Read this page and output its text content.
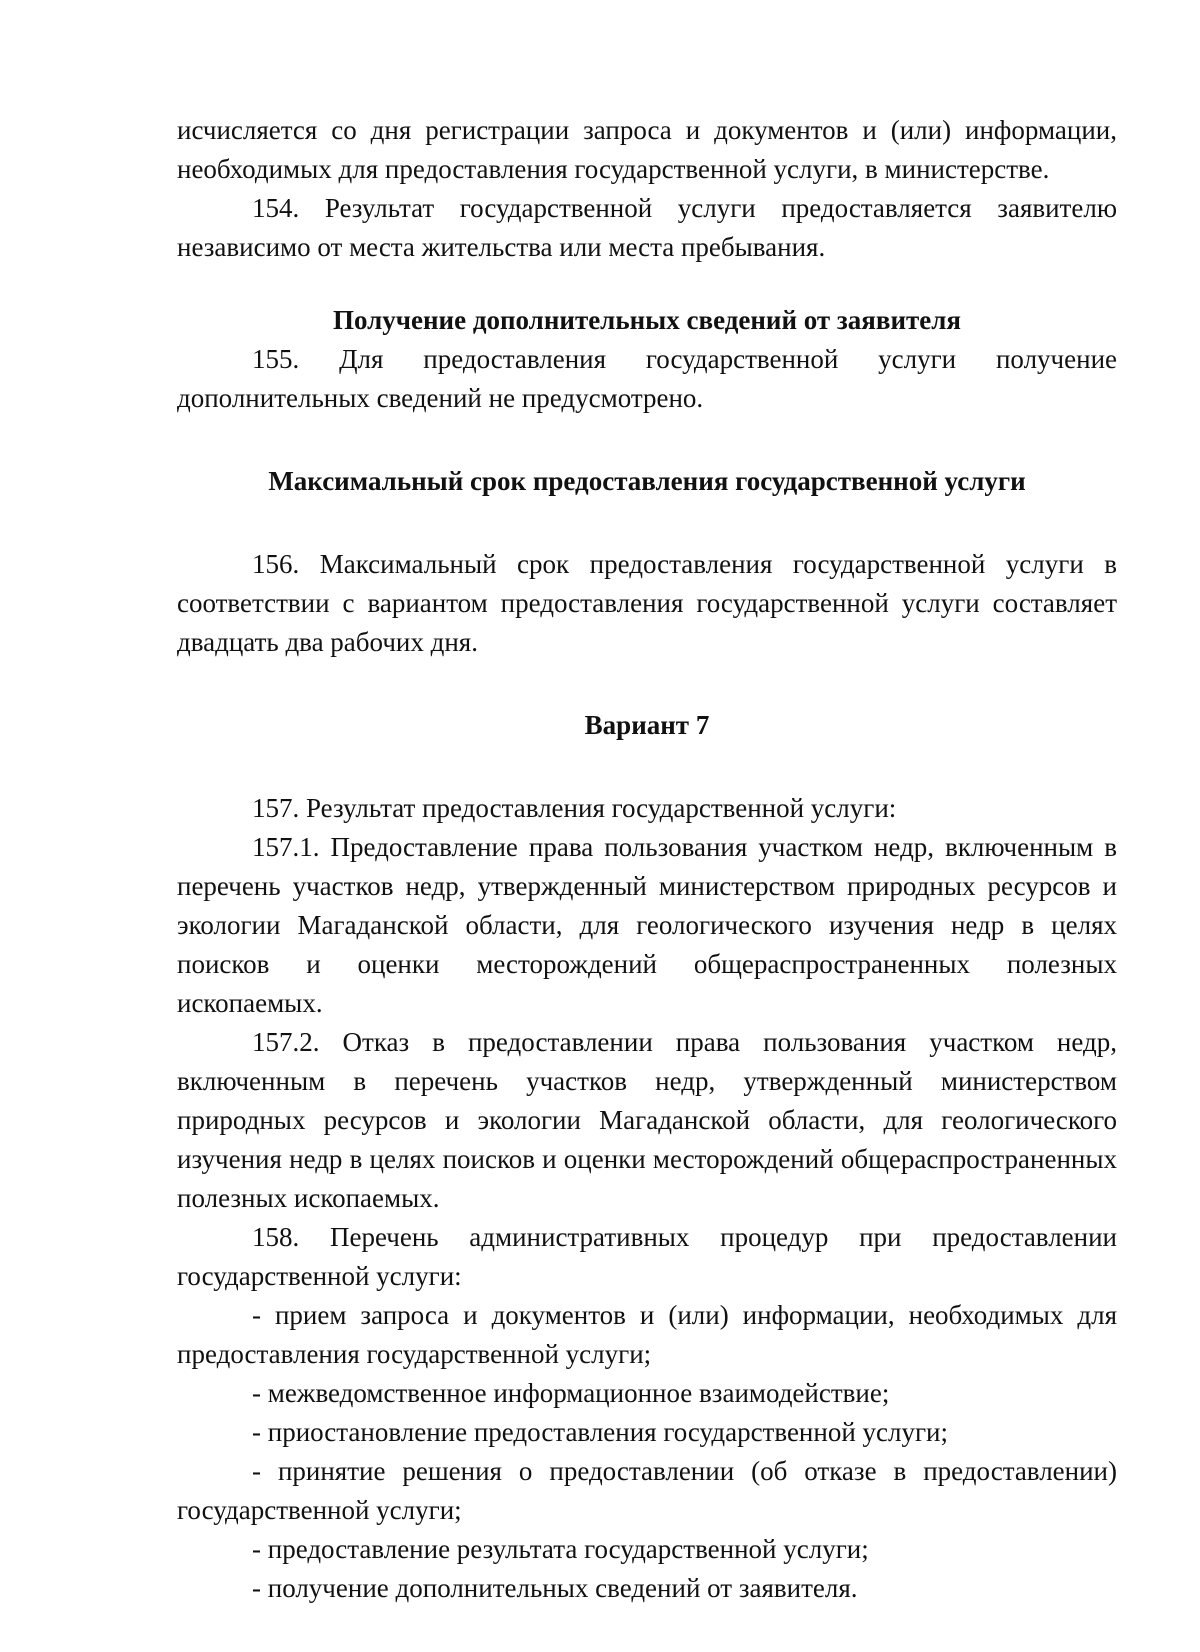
исчисляется со дня регистрации запроса и документов и (или) информации, необходимых для предоставления государственной услуги, в министерстве.

154. Результат государственной услуги предоставляется заявителю независимо от места жительства или места пребывания.

Получение дополнительных сведений от заявителя

155. Для предоставления государственной услуги получение дополнительных сведений не предусмотрено.

Максимальный срок предоставления государственной услуги

156. Максимальный срок предоставления государственной услуги в соответствии с вариантом предоставления государственной услуги составляет двадцать два рабочих дня.

Вариант 7

157. Результат предоставления государственной услуги:

157.1. Предоставление права пользования участком недр, включенным в перечень участков недр, утвержденный министерством природных ресурсов и экологии Магаданской области, для геологического изучения недр в целях поисков и оценки месторождений общераспространенных полезных ископаемых.

157.2. Отказ в предоставлении права пользования участком недр, включенным в перечень участков недр, утвержденный министерством природных ресурсов и экологии Магаданской области, для геологического изучения недр в целях поисков и оценки месторождений общераспространенных полезных ископаемых.

158. Перечень административных процедур при предоставлении государственной услуги:

- прием запроса и документов и (или) информации, необходимых для предоставления государственной услуги;

- межведомственное информационное взаимодействие;

- приостановление предоставления государственной услуги;

- принятие решения о предоставлении (об отказе в предоставлении) государственной услуги;

- предоставление результата государственной услуги;

- получение дополнительных сведений от заявителя.
